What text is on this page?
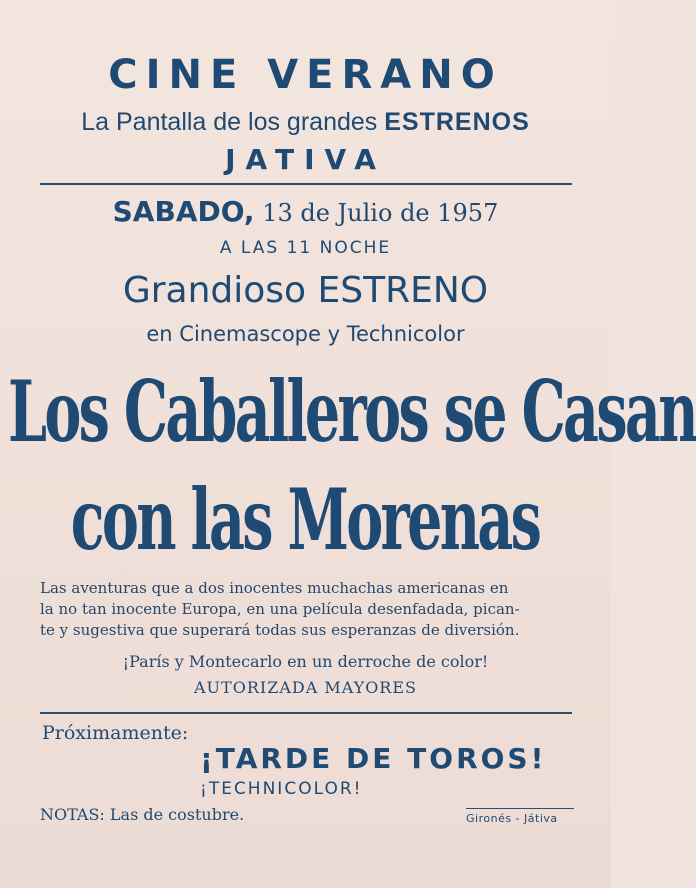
CINE VERANO
La Pantalla de los grandes ESTRENOS
JATIVA
SABADO, 13 de Julio de 1957
A LAS 11 NOCHE
Grandioso ESTRENO
en Cinemascope y Technicolor
Los Caballeros se Casan
con las Morenas
Las aventuras que a dos inocentes muchachas americanas en
la no tan inocente Europa, en una película desenfadada, pican-
te y sugestiva que superará todas sus esperanzas de diversión.
¡París y Montecarlo en un derroche de color!
AUTORIZADA MAYORES
Próximamente:
¡TARDE DE TOROS!
¡TECHNICOLOR!
NOTAS: Las de costubre.	Gironés - Játiva
